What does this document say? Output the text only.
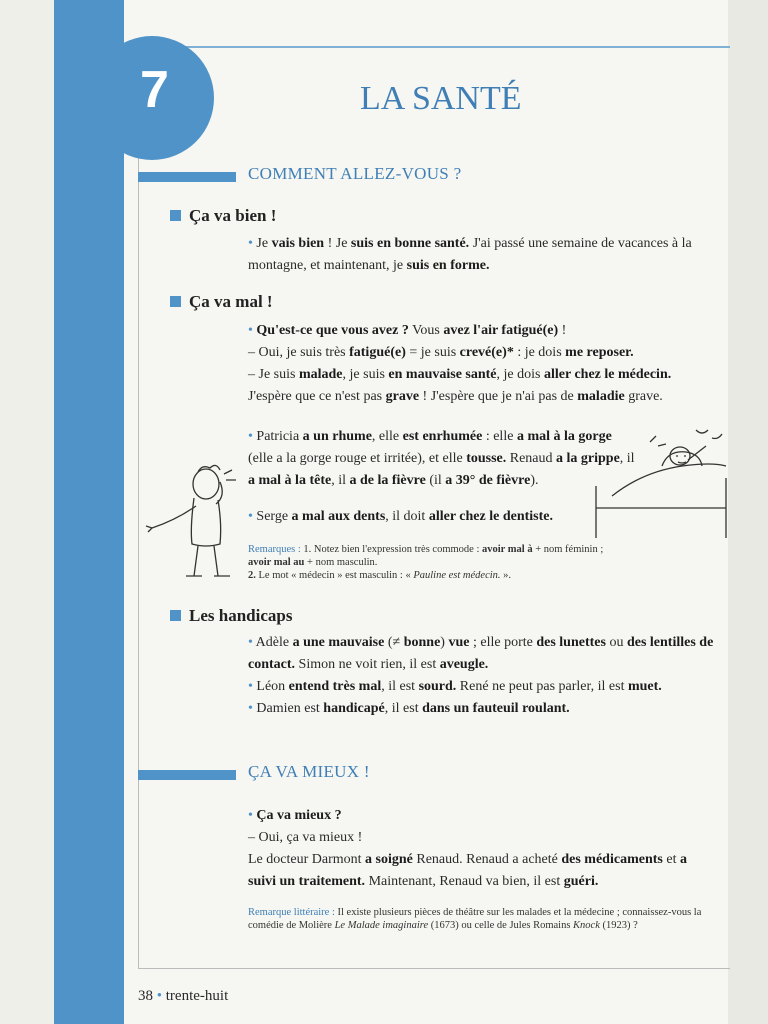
7	LA SANTÉ
COMMENT ALLEZ-VOUS ?
Ça va bien !
• Je vais bien ! Je suis en bonne santé. J'ai passé une semaine de vacances à la montagne, et maintenant, je suis en forme.
Ça va mal !
• Qu'est-ce que vous avez ? Vous avez l'air fatigué(e) !
– Oui, je suis très fatigué(e) = je suis crevé(e)* : je dois me reposer.
– Je suis malade, je suis en mauvaise santé, je dois aller chez le médecin.
J'espère que ce n'est pas grave ! J'espère que je n'ai pas de maladie grave.
• Patricia a un rhume, elle est enrhumée : elle a mal à la gorge (elle a la gorge rouge et irritée), et elle tousse. Renaud a la grippe, il a mal à la tête, il a de la fièvre (il a 39° de fièvre).
• Serge a mal aux dents, il doit aller chez le dentiste.
Remarques : 1. Notez bien l'expression très commode : avoir mal à + nom féminin ;
avoir mal au + nom masculin.
2. Le mot « médecin » est masculin : « Pauline est médecin. ».
Les handicaps
• Adèle a une mauvaise (≠ bonne) vue ; elle porte des lunettes ou des lentilles de contact. Simon ne voit rien, il est aveugle.
• Léon entend très mal, il est sourd. René ne peut pas parler, il est muet.
• Damien est handicapé, il est dans un fauteuil roulant.
ÇA VA MIEUX !
• Ça va mieux ?
– Oui, ça va mieux !
Le docteur Darmont a soigné Renaud. Renaud a acheté des médicaments et a suivi un traitement. Maintenant, Renaud va bien, il est guéri.
Remarque littéraire : Il existe plusieurs pièces de théâtre sur les malades et la médecine ; connaissez-vous la comédie de Molière Le Malade imaginaire (1673) ou celle de Jules Romains Knock (1923) ?
38 • trente-huit
